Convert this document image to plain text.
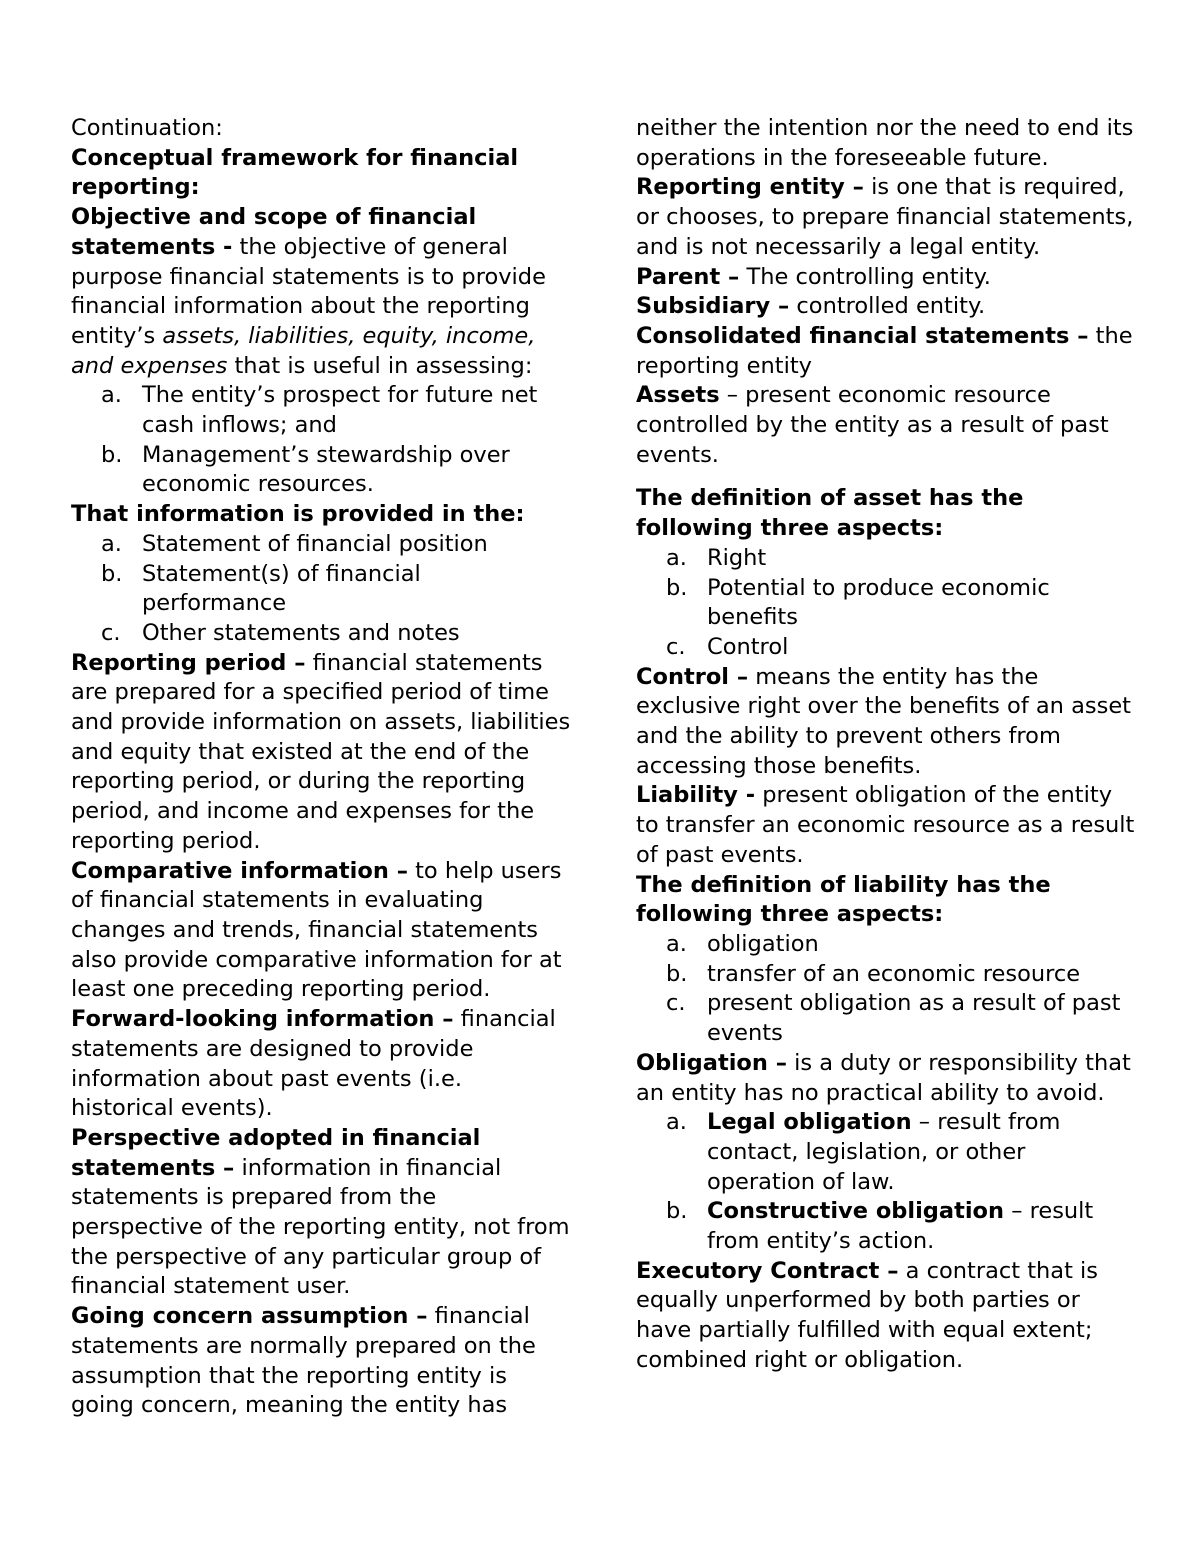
Continuation:

Conceptual framework for financial reporting:

Objective and scope of financial statements - the objective of general purpose financial statements is to provide financial information about the reporting entity’s assets, liabilities, equity, income, and expenses that is useful in assessing:

a. The entity’s prospect for future net cash inflows; and
b. Management’s stewardship over economic resources.

That information is provided in the:

a. Statement of financial position
b. Statement(s) of financial performance
c. Other statements and notes

Reporting period – financial statements are prepared for a specified period of time and provide information on assets, liabilities and equity that existed at the end of the reporting period, or during the reporting period, and income and expenses for the reporting period.

Comparative information – to help users of financial statements in evaluating changes and trends, financial statements also provide comparative information for at least one preceding reporting period.

Forward-looking information – financial statements are designed to provide information about past events (i.e. historical events).

Perspective adopted in financial statements – information in financial statements is prepared from the perspective of the reporting entity, not from the perspective of any particular group of financial statement user.

Going concern assumption – financial statements are normally prepared on the assumption that the reporting entity is going concern, meaning the entity has

neither the intention nor the need to end its operations in the foreseeable future.

Reporting entity – is one that is required, or chooses, to prepare financial statements, and is not necessarily a legal entity.

Parent – The controlling entity.

Subsidiary – controlled entity.

Consolidated financial statements – the reporting entity

Assets – present economic resource controlled by the entity as a result of past events.

The definition of asset has the following three aspects:

a. Right
b. Potential to produce economic benefits
c. Control

Control – means the entity has the exclusive right over the benefits of an asset and the ability to prevent others from accessing those benefits.

Liability - present obligation of the entity to transfer an economic resource as a result of past events.

The definition of liability has the following three aspects:

a. obligation
b. transfer of an economic resource
c. present obligation as a result of past events

Obligation – is a duty or responsibility that an entity has no practical ability to avoid.

a. Legal obligation – result from contact, legislation, or other operation of law.
b. Constructive obligation – result from entity’s action.

Executory Contract – a contract that is equally unperformed by both parties or have partially fulfilled with equal extent; combined right or obligation.
